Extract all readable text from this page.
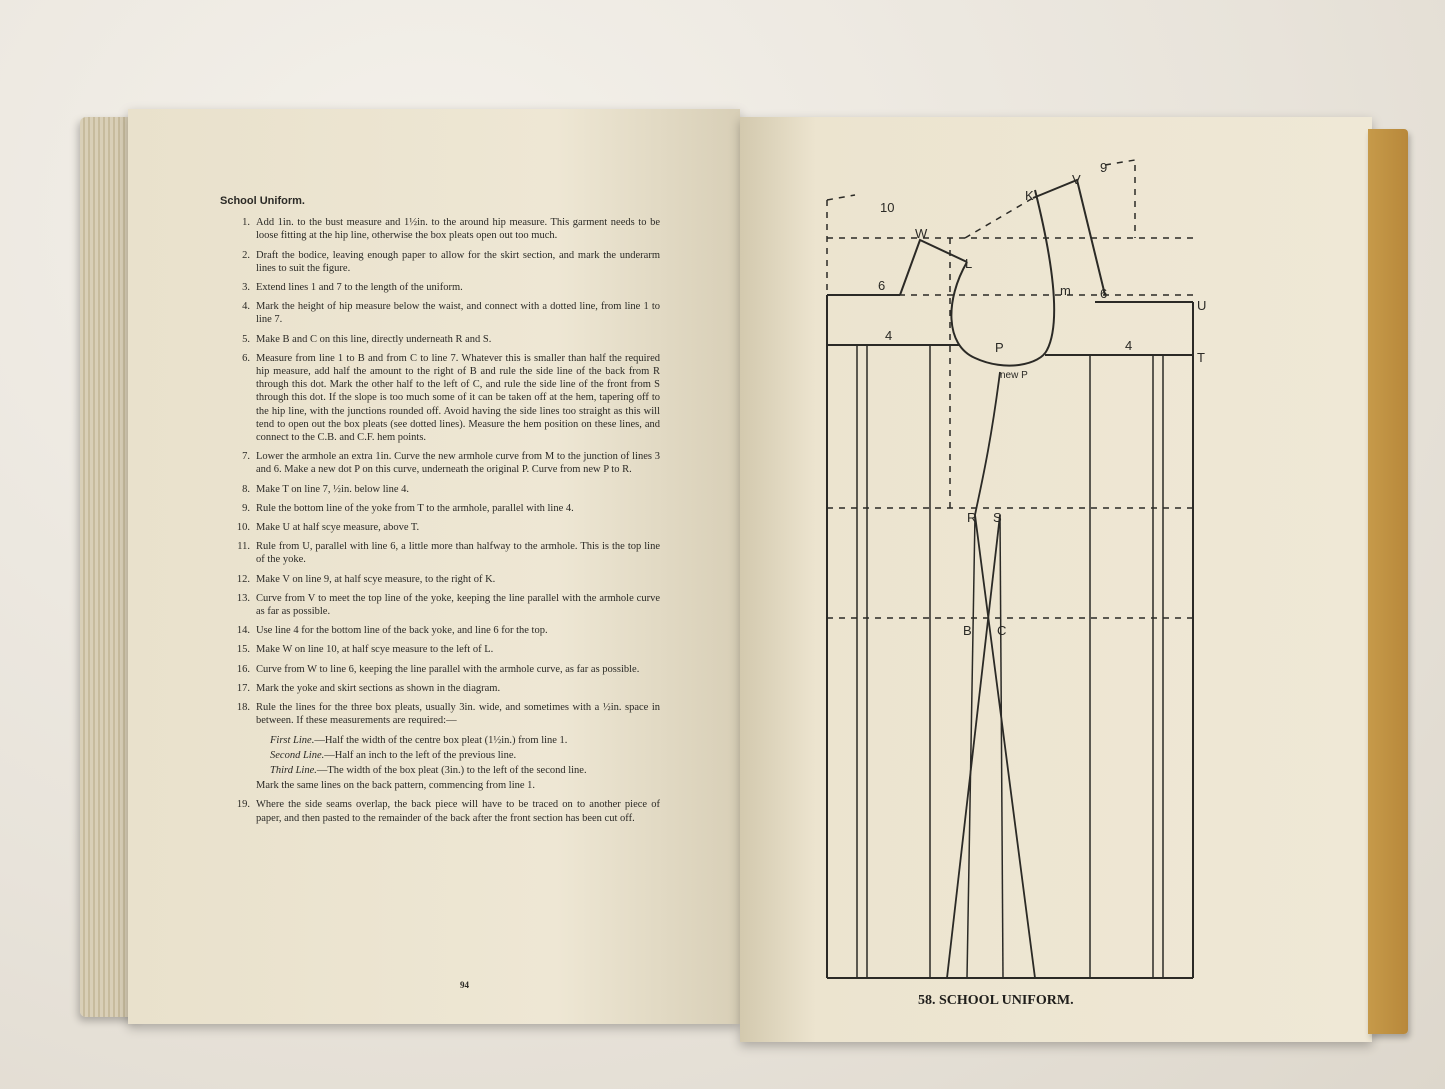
School Uniform.
1. Add 1in. to the bust measure and 1½in. to the around hip measure. This garment needs to be loose fitting at the hip line, otherwise the box pleats open out too much.
2. Draft the bodice, leaving enough paper to allow for the skirt section, and mark the underarm lines to suit the figure.
3. Extend lines 1 and 7 to the length of the uniform.
4. Mark the height of hip measure below the waist, and connect with a dotted line, from line 1 to line 7.
5. Make B and C on this line, directly underneath R and S.
6. Measure from line 1 to B and from C to line 7. Whatever this is smaller than half the required hip measure, add half the amount to the right of B and rule the side line of the back from R through this dot. Mark the other half to the left of C, and rule the side line of the front from S through this dot. If the slope is too much some of it can be taken off at the hem, tapering off to the hip line, with the junctions rounded off. Avoid having the side lines too straight as this will tend to open out the box pleats (see dotted lines). Measure the hem position on these lines, and connect to the C.B. and C.F. hem points.
7. Lower the armhole an extra 1in. Curve the new armhole curve from M to the junction of lines 3 and 6. Make a new dot P on this curve, underneath the original P. Curve from new P to R.
8. Make T on line 7, ½in. below line 4.
9. Rule the bottom line of the yoke from T to the armhole, parallel with line 4.
10. Make U at half scye measure, above T.
11. Rule from U, parallel with line 6, a little more than halfway to the armhole. This is the top line of the yoke.
12. Make V on line 9, at half scye measure, to the right of K.
13. Curve from V to meet the top line of the yoke, keeping the line parallel with the armhole curve as far as possible.
14. Use line 4 for the bottom line of the back yoke, and line 6 for the top.
15. Make W on line 10, at half scye measure to the left of L.
16. Curve from W to line 6, keeping the line parallel with the armhole curve, as far as possible.
17. Mark the yoke and skirt sections as shown in the diagram.
18. Rule the lines for the three box pleats, usually 3in. wide, and sometimes with a ½in. space in between. If these measurements are required:—
First Line.—Half the width of the centre box pleat (1½in.) from line 1.
Second Line.—Half an inch to the left of the previous line.
Third Line.—The width of the box pleat (3in.) to the left of the second line.
Mark the same lines on the back pattern, commencing from line 1.
19. Where the side seams overlap, the back piece will have to be traced on to another piece of paper, and then pasted to the remainder of the back after the front section has been cut off.
94
10
9
K
V
W
L
6	m 6
U
4
P	4
T
new P
R S
B C
58. SCHOOL UNIFORM.
